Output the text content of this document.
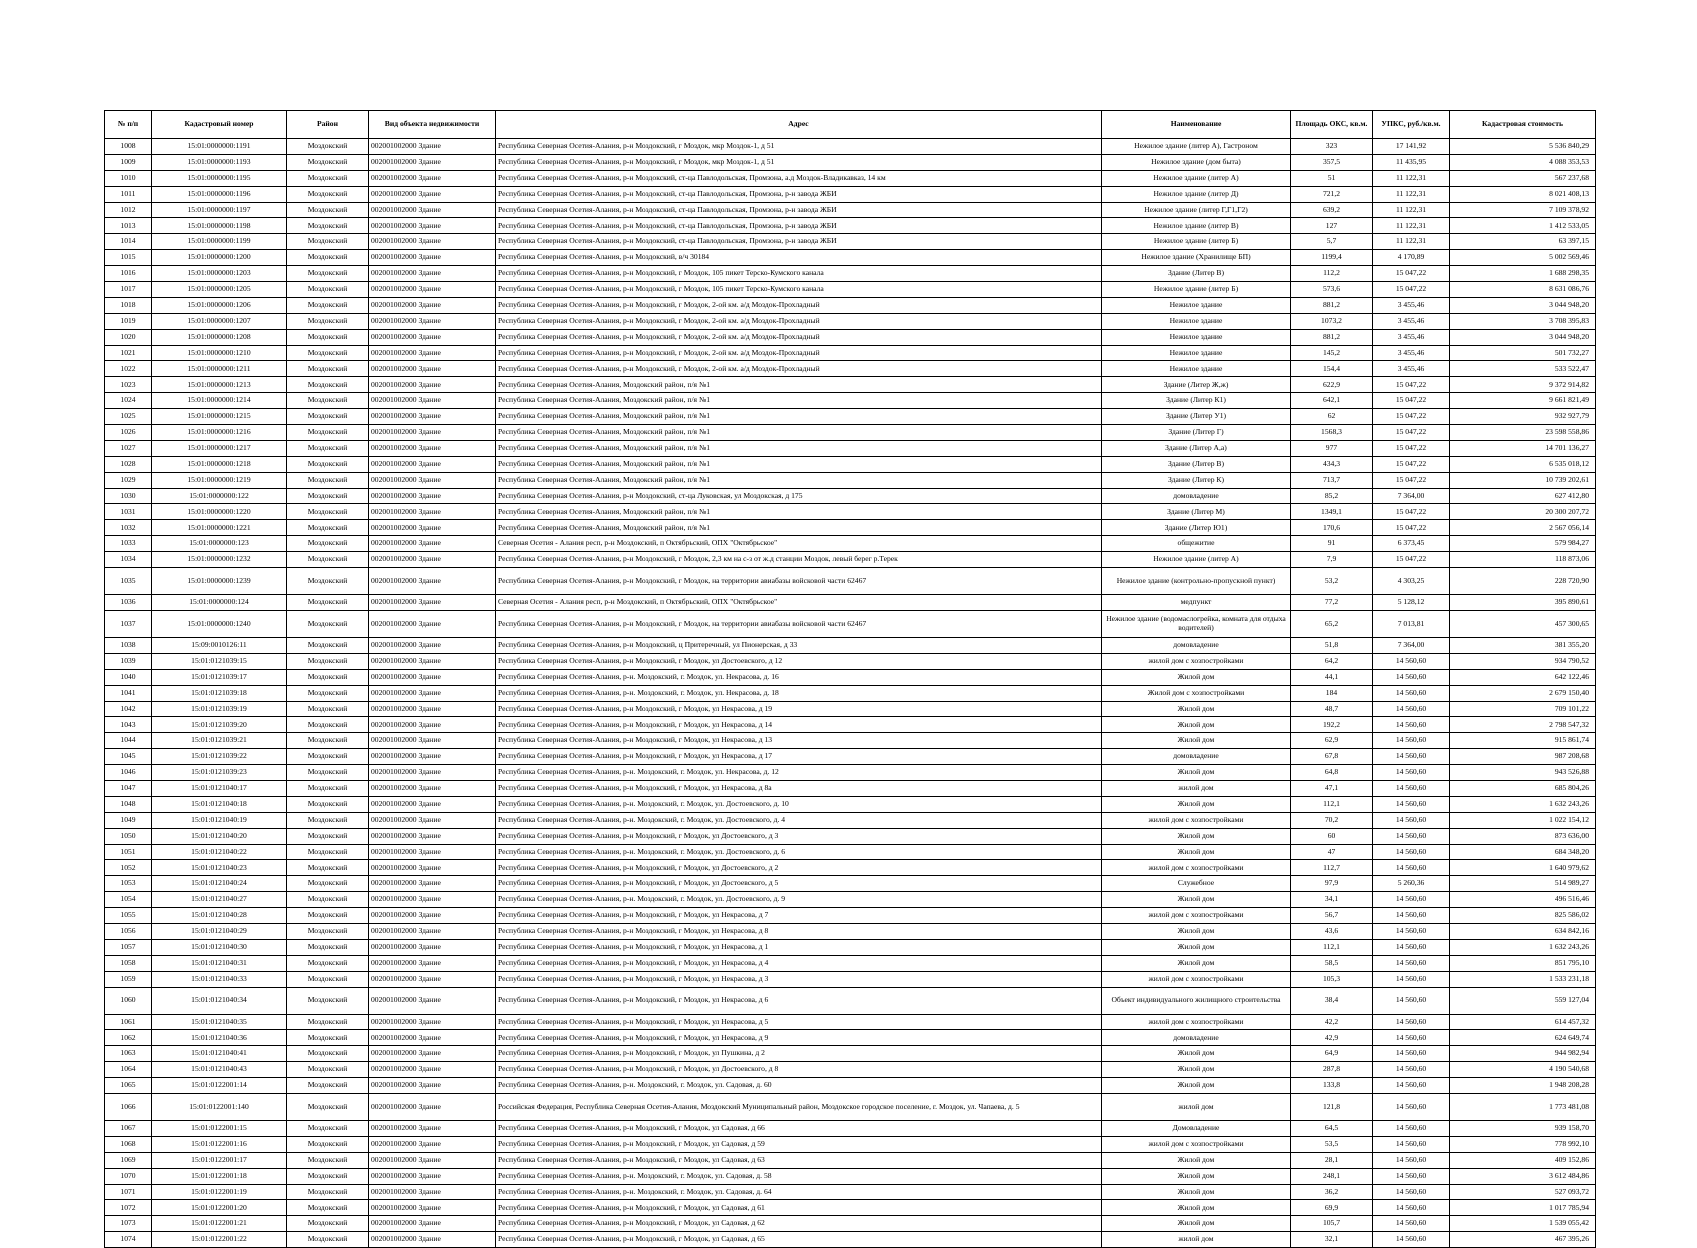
№ п/п	Кадастровый номер	Район	Вид объекта недвижимости	Адрес	Наименование	Площадь ОКС, кв.м.	УПКС, руб./кв.м.	Кадастровая стоимость
1008	15:01:0000000:1191	Моздокский	002001002000 Здание	Республика Северная Осетия-Алания, р-н Моздокский, г Моздок, мкр Моздок-1, д 51	Нежилое здание (литер А), Гастроном	323	17 141,92	5 536 840,29
1009	15:01:0000000:1193	Моздокский	002001002000 Здание	Республика Северная Осетия-Алания, р-н Моздокский, г Моздок, мкр Моздок-1, д 51	Нежилое здание (дом быта)	357,5	11 435,95	4 088 353,53
1010	15:01:0000000:1195	Моздокский	002001002000 Здание	Республика Северная Осетия-Алания, р-н Моздокский, ст-ца Павлодольская, Промзона, а.д Моздок-Владикавказ, 14 км	Нежилое здание (литер А)	51	11 122,31	567 237,68
1011	15:01:0000000:1196	Моздокский	002001002000 Здание	Республика Северная Осетия-Алания, р-н Моздокский, ст-ца Павлодольская, Промзона, р-н завода ЖБИ	Нежилое здание (литер Д)	721,2	11 122,31	8 021 408,13
1012	15:01:0000000:1197	Моздокский	002001002000 Здание	Республика Северная Осетия-Алания, р-н Моздокский, ст-ца Павлодольская, Промзона, р-н завода ЖБИ	Нежилое здание (литер Г,Г1,Г2)	639,2	11 122,31	7 109 378,92
1013	15:01:0000000:1198	Моздокский	002001002000 Здание	Республика Северная Осетия-Алания, р-н Моздокский, ст-ца Павлодольская, Промзона, р-н завода ЖБИ	Нежилое здание (литер В)	127	11 122,31	1 412 533,05
1014	15:01:0000000:1199	Моздокский	002001002000 Здание	Республика Северная Осетия-Алания, р-н Моздокский, ст-ца Павлодольская, Промзона, р-н завода ЖБИ	Нежилое здание (литер Б)	5,7	11 122,31	63 397,15
1015	15:01:0000000:1200	Моздокский	002001002000 Здание	Республика Северная Осетия-Алания, р-н Моздокский, в/ч 30184	Нежилое здание (Хранилище БП)	1199,4	4 170,89	5 002 569,46
1016	15:01:0000000:1203	Моздокский	002001002000 Здание	Республика Северная Осетия-Алания, р-н Моздокский, г Моздок, 105 пикет Терско-Кумского канала	Здание (Литер В)	112,2	15 047,22	1 688 298,35
1017	15:01:0000000:1205	Моздокский	002001002000 Здание	Республика Северная Осетия-Алания, р-н Моздокский, г Моздок, 105 пикет Терско-Кумского канала	Нежилое здание (литер Б)	573,6	15 047,22	8 631 086,76
1018	15:01:0000000:1206	Моздокский	002001002000 Здание	Республика Северная Осетия-Алания, р-н Моздокский, г Моздок, 2-ой км. а/д Моздок-Прохладный	Нежилое здание	881,2	3 455,46	3 044 948,20
1019	15:01:0000000:1207	Моздокский	002001002000 Здание	Республика Северная Осетия-Алания, р-н Моздокский, г Моздок, 2-ой км. а/д Моздок-Прохладный	Нежилое здание	1073,2	3 455,46	3 708 395,83
1020	15:01:0000000:1208	Моздокский	002001002000 Здание	Республика Северная Осетия-Алания, р-н Моздокский, г Моздок, 2-ой км. а/д Моздок-Прохладный	Нежилое здание	881,2	3 455,46	3 044 948,20
1021	15:01:0000000:1210	Моздокский	002001002000 Здание	Республика Северная Осетия-Алания, р-н Моздокский, г Моздок, 2-ой км. а/д Моздок-Прохладный	Нежилое здание	145,2	3 455,46	501 732,27
1022	15:01:0000000:1211	Моздокский	002001002000 Здание	Республика Северная Осетия-Алания, р-н Моздокский, г Моздок, 2-ой км. а/д Моздок-Прохладный	Нежилое здание	154,4	3 455,46	533 522,47
1023	15:01:0000000:1213	Моздокский	002001002000 Здание	Республика Северная Осетия-Алания, Моздокский район, п/я №1	Здание (Литер Ж,ж)	622,9	15 047,22	9 372 914,82
1024	15:01:0000000:1214	Моздокский	002001002000 Здание	Республика Северная Осетия-Алания, Моздокский район, п/я №1	Здание (Литер К1)	642,1	15 047,22	9 661 821,49
1025	15:01:0000000:1215	Моздокский	002001002000 Здание	Республика Северная Осетия-Алания, Моздокский район, п/я №1	Здание (Литер У1)	62	15 047,22	932 927,79
1026	15:01:0000000:1216	Моздокский	002001002000 Здание	Республика Северная Осетия-Алания, Моздокский район, п/я №1	Здание (Литер Г)	1568,3	15 047,22	23 598 558,86
1027	15:01:0000000:1217	Моздокский	002001002000 Здание	Республика Северная Осетия-Алания, Моздокский район, п/я №1	Здание (Литер А,а)	977	15 047,22	14 701 136,27
1028	15:01:0000000:1218	Моздокский	002001002000 Здание	Республика Северная Осетия-Алания, Моздокский район, п/я №1	Здание (Литер В)	434,3	15 047,22	6 535 018,12
1029	15:01:0000000:1219	Моздокский	002001002000 Здание	Республика Северная Осетия-Алания, Моздокский район, п/я №1	Здание (Литер К)	713,7	15 047,22	10 739 202,61
1030	15:01:0000000:122	Моздокский	002001002000 Здание	Республика Северная Осетия-Алания, р-н Моздокский, ст-ца Луковская, ул Моздокская, д 175	домовладение	85,2	7 364,00	627 412,80
1031	15:01:0000000:1220	Моздокский	002001002000 Здание	Республика Северная Осетия-Алания, Моздокский район, п/я №1	Здание (Литер М)	1349,1	15 047,22	20 300 207,72
1032	15:01:0000000:1221	Моздокский	002001002000 Здание	Республика Северная Осетия-Алания, Моздокский район, п/я №1	Здание (Литер Ю1)	170,6	15 047,22	2 567 056,14
1033	15:01:0000000:123	Моздокский	002001002000 Здание	Северная Осетия - Алания респ, р-н Моздокский, п Октябрьский, ОПХ "Октябрьское"	общежитие	91	6 373,45	579 984,27
1034	15:01:0000000:1232	Моздокский	002001002000 Здание	Республика Северная Осетия-Алания, р-н Моздокский, г Моздок, 2,3 км на с-з от ж.д станции Моздок, левый берег р.Терек	Нежилое здание (литер А)	7,9	15 047,22	118 873,06
1035	15:01:0000000:1239	Моздокский	002001002000 Здание	Республика Северная Осетия-Алания, р-н Моздокский, г Моздок, на территории авиабазы войсковой части 62467	Нежилое здание (контрольно-пропускной пункт)	53,2	4 303,25	228 720,90
1036	15:01:0000000:124	Моздокский	002001002000 Здание	Северная Осетия - Алания респ, р-н Моздокский, п Октябрьский, ОПХ "Октябрьское"	медпункт	77,2	5 128,12	395 890,61
1037	15:01:0000000:1240	Моздокский	002001002000 Здание	Республика Северная Осетия-Алания, р-н Моздокский, г Моздок, на территории авиабазы войсковой части 62467	Нежилое здание (водомаслогрейка, комната для отдыха водителей)	65,2	7 013,81	457 300,65
1038	15:09:0010126:11	Моздокский	002001002000 Здание	Республика Северная Осетия-Алания, р-н Моздокский, ц Притеречный, ул Пионерская, д 33	домовладение	51,8	7 364,00	381 355,20
1039	15:01:0121039:15	Моздокский	002001002000 Здание	Республика Северная Осетия-Алания, р-н Моздокский, г Моздок, ул Достоевского, д 12	жилой дом с хозпостройками	64,2	14 560,60	934 790,52
1040	15:01:0121039:17	Моздокский	002001002000 Здание	Республика Северная Осетия-Алания, р-н. Моздокский, г. Моздок, ул. Некрасова, д. 16	Жилой дом	44,1	14 560,60	642 122,46
1041	15:01:0121039:18	Моздокский	002001002000 Здание	Республика Северная Осетия-Алания, р-н. Моздокский, г. Моздок, ул. Некрасова, д. 18	Жилой дом с хозпостройками	184	14 560,60	2 679 150,40
1042	15:01:0121039:19	Моздокский	002001002000 Здание	Республика Северная Осетия-Алания, р-н Моздокский, г Моздок, ул Некрасова, д 19	Жилой дом	48,7	14 560,60	709 101,22
1043	15:01:0121039:20	Моздокский	002001002000 Здание	Республика Северная Осетия-Алания, р-н Моздокский, г Моздок, ул Некрасова, д 14	Жилой дом	192,2	14 560,60	2 798 547,32
1044	15:01:0121039:21	Моздокский	002001002000 Здание	Республика Северная Осетия-Алания, р-н Моздокский, г Моздок, ул Некрасова, д 13	Жилой дом	62,9	14 560,60	915 861,74
1045	15:01:0121039:22	Моздокский	002001002000 Здание	Республика Северная Осетия-Алания, р-н Моздокский, г Моздок, ул Некрасова, д 17	домовладение	67,8	14 560,60	987 208,68
1046	15:01:0121039:23	Моздокский	002001002000 Здание	Республика Северная Осетия-Алания, р-н. Моздокский, г. Моздок, ул. Некрасова, д. 12	Жилой дом	64,8	14 560,60	943 526,88
1047	15:01:0121040:17	Моздокский	002001002000 Здание	Республика Северная Осетия-Алания, р-н Моздокский, г Моздок, ул Некрасова, д 8а	жилой дом	47,1	14 560,60	685 804,26
1048	15:01:0121040:18	Моздокский	002001002000 Здание	Республика Северная Осетия-Алания, р-н. Моздокский, г. Моздок, ул. Достоевского, д. 10	Жилой дом	112,1	14 560,60	1 632 243,26
1049	15:01:0121040:19	Моздокский	002001002000 Здание	Республика Северная Осетия-Алания, р-н. Моздокский, г. Моздок, ул. Достоевского, д. 4	жилой дом с хозпостройками	70,2	14 560,60	1 022 154,12
1050	15:01:0121040:20	Моздокский	002001002000 Здание	Республика Северная Осетия-Алания, р-н Моздокский, г Моздок, ул Достоевского, д 3	Жилой дом	60	14 560,60	873 636,00
1051	15:01:0121040:22	Моздокский	002001002000 Здание	Республика Северная Осетия-Алания, р-н. Моздокский, г. Моздок, ул. Достоевского, д. 6	Жилой дом	47	14 560,60	684 348,20
1052	15:01:0121040:23	Моздокский	002001002000 Здание	Республика Северная Осетия-Алания, р-н Моздокский, г Моздок, ул Достоевского, д 2	жилой дом с хозпостройками	112,7	14 560,60	1 640 979,62
1053	15:01:0121040:24	Моздокский	002001002000 Здание	Республика Северная Осетия-Алания, р-н Моздокский, г Моздок, ул Достоевского, д 5	Служебное	97,9	5 260,36	514 989,27
1054	15:01:0121040:27	Моздокский	002001002000 Здание	Республика Северная Осетия-Алания, р-н. Моздокский, г. Моздок, ул. Достоевского, д. 9	Жилой дом	34,1	14 560,60	496 516,46
1055	15:01:0121040:28	Моздокский	002001002000 Здание	Республика Северная Осетия-Алания, р-н Моздокский, г Моздок, ул Некрасова, д 7	жилой дом с хозпостройками	56,7	14 560,60	825 586,02
1056	15:01:0121040:29	Моздокский	002001002000 Здание	Республика Северная Осетия-Алания, р-н Моздокский, г Моздок, ул Некрасова, д 8	Жилой дом	43,6	14 560,60	634 842,16
1057	15:01:0121040:30	Моздокский	002001002000 Здание	Республика Северная Осетия-Алания, р-н Моздокский, г Моздок, ул Некрасова, д 1	Жилой дом	112,1	14 560,60	1 632 243,26
1058	15:01:0121040:31	Моздокский	002001002000 Здание	Республика Северная Осетия-Алания, р-н Моздокский, г Моздок, ул Некрасова, д 4	Жилой дом	58,5	14 560,60	851 795,10
1059	15:01:0121040:33	Моздокский	002001002000 Здание	Республика Северная Осетия-Алания, р-н Моздокский, г Моздок, ул Некрасова, д 3	жилой дом с хозпостройками	105,3	14 560,60	1 533 231,18
1060	15:01:0121040:34	Моздокский	002001002000 Здание	Республика Северная Осетия-Алания, р-н Моздокский, г Моздок, ул Некрасова, д 6	Объект индивидуального жилищного строительства	38,4	14 560,60	559 127,04
1061	15:01:0121040:35	Моздокский	002001002000 Здание	Республика Северная Осетия-Алания, р-н Моздокский, г Моздок, ул Некрасова, д 5	жилой дом с хозпостройками	42,2	14 560,60	614 457,32
1062	15:01:0121040:36	Моздокский	002001002000 Здание	Республика Северная Осетия-Алания, р-н Моздокский, г Моздок, ул Некрасова, д 9	домовладение	42,9	14 560,60	624 649,74
1063	15:01:0121040:41	Моздокский	002001002000 Здание	Республика Северная Осетия-Алания, р-н Моздокский, г Моздок, ул Пушкина, д 2	Жилой дом	64,9	14 560,60	944 982,94
1064	15:01:0121040:43	Моздокский	002001002000 Здание	Республика Северная Осетия-Алания, р-н Моздокский, г Моздок, ул Достоевского, д 8	Жилой дом	287,8	14 560,60	4 190 540,68
1065	15:01:0122001:14	Моздокский	002001002000 Здание	Республика Северная Осетия-Алания, р-н. Моздокский, г. Моздок, ул. Садовая, д. 60	Жилой дом	133,8	14 560,60	1 948 208,28
1066	15:01:0122001:140	Моздокский	002001002000 Здание	Российская Федерация, Республика Северная Осетия-Алания, Моздокский Муниципальный район, Моздокское городское поселение, г. Моздок, ул. Чапаева, д. 5	жилой дом	121,8	14 560,60	1 773 481,08
1067	15:01:0122001:15	Моздокский	002001002000 Здание	Республика Северная Осетия-Алания, р-н Моздокский, г Моздок, ул Садовая, д 66	Домовладение	64,5	14 560,60	939 158,70
1068	15:01:0122001:16	Моздокский	002001002000 Здание	Республика Северная Осетия-Алания, р-н Моздокский, г Моздок, ул Садовая, д 59	жилой дом с хозпостройками	53,5	14 560,60	778 992,10
1069	15:01:0122001:17	Моздокский	002001002000 Здание	Республика Северная Осетия-Алания, р-н Моздокский, г Моздок, ул Садовая, д 63	Жилой дом	28,1	14 560,60	409 152,86
1070	15:01:0122001:18	Моздокский	002001002000 Здание	Республика Северная Осетия-Алания, р-н. Моздокский, г. Моздок, ул. Садовая, д. 58	Жилой дом	248,1	14 560,60	3 612 484,86
1071	15:01:0122001:19	Моздокский	002001002000 Здание	Республика Северная Осетия-Алания, р-н. Моздокский, г. Моздок, ул. Садовая, д. 64	Жилой дом	36,2	14 560,60	527 093,72
1072	15:01:0122001:20	Моздокский	002001002000 Здание	Республика Северная Осетия-Алания, р-н Моздокский, г Моздок, ул Садовая, д 61	Жилой дом	69,9	14 560,60	1 017 785,94
1073	15:01:0122001:21	Моздокский	002001002000 Здание	Республика Северная Осетия-Алания, р-н Моздокский, г Моздок, ул Садовая, д 62	Жилой дом	105,7	14 560,60	1 539 055,42
1074	15:01:0122001:22	Моздокский	002001002000 Здание	Республика Северная Осетия-Алания, р-н Моздокский, г Моздок, ул Садовая, д 65	жилой дом	32,1	14 560,60	467 395,26
